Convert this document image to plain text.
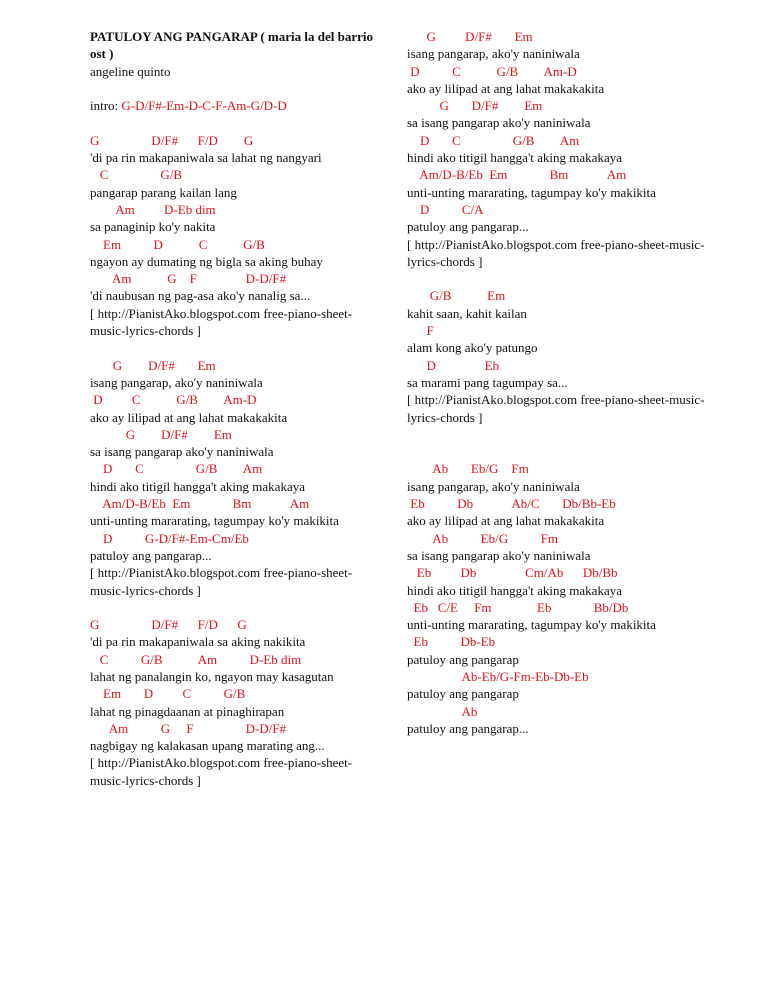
PATULOY ANG PANGARAP ( maria la del barrio ost )
angeline quinto
intro: G-D/F#-Em-D-C-F-Am-G/D-D
G                D/F#      F/D        G
'di pa rin makapaniwala sa lahat ng nangyari
C                G/B
pangarap parang kailan lang
Am         D-Eb dim
sa panaginip ko'y nakita
Em          D           C           G/B
ngayon ay dumating ng bigla sa aking buhay
Am           G    F               D-D/F#
'di naubusan ng pag-asa ako'y nanalig sa...
[ http://PianistAko.blogspot.com free-piano-sheet-music-lyrics-chords ]
G        D/F#       Em
isang pangarap, ako'y naniniwala
D         C           G/B        Am-D
ako ay lilipad at ang lahat makakakita
G        D/F#        Em
sa isang pangarap ako'y naniniwala
D       C                G/B        Am
hindi ako titigil hangga't aking makakaya
Am/D-B/Eb  Em             Bm            Am
unti-unting mararating, tagumpay ko'y makikita
D          G-D/F#-Em-Cm/Eb
patuloy ang pangarap...
[ http://PianistAko.blogspot.com free-piano-sheet-music-lyrics-chords ]
G                D/F#      F/D      G
'di pa rin makapaniwala sa aking nakikita
C          G/B           Am          D-Eb dim
lahat ng panalangin ko, ngayon may kasagutan
Em       D         C          G/B
lahat ng pinagdaanan at pinaghirapan
Am          G     F                D-D/F#
nagbigay ng kalakasan upang marating ang...
[ http://PianistAko.blogspot.com free-piano-sheet-music-lyrics-chords ]
G         D/F#       Em
isang pangarap, ako'y naniniwala
D          C           G/B        Am-D
ako ay lilipad at ang lahat makakakita
G       D/F#        Em
sa isang pangarap ako'y naniniwala
D       C                G/B        Am
hindi ako titigil hangga't aking makakaya
Am/D-B/Eb  Em             Bm            Am
unti-unting mararating, tagumpay ko'y makikita
D          C/A
patuloy ang pangarap...
[ http://PianistAko.blogspot.com free-piano-sheet-music-lyrics-chords ]
G/B           Em
kahit saan, kahit kailan
F
alam kong ako'y patungo
D               Eb
sa marami pang tagumpay sa...
[ http://PianistAko.blogspot.com free-piano-sheet-music-lyrics-chords ]
Ab       Eb/G    Fm
isang pangarap, ako'y naniniwala
Eb          Db            Ab/C       Db/Bb-Eb
ako ay lilipad at ang lahat makakakita
Ab          Eb/G          Fm
sa isang pangarap ako'y naniniwala
Eb         Db               Cm/Ab      Db/Bb
hindi ako titigil hangga't aking makakaya
Eb   C/E     Fm              Eb             Bb/Db
unti-unting mararating, tagumpay ko'y makikita
Eb          Db-Eb
patuloy ang pangarap
Ab-Eb/G-Fm-Eb-Db-Eb
patuloy ang pangarap
Ab
patuloy ang pangarap...
